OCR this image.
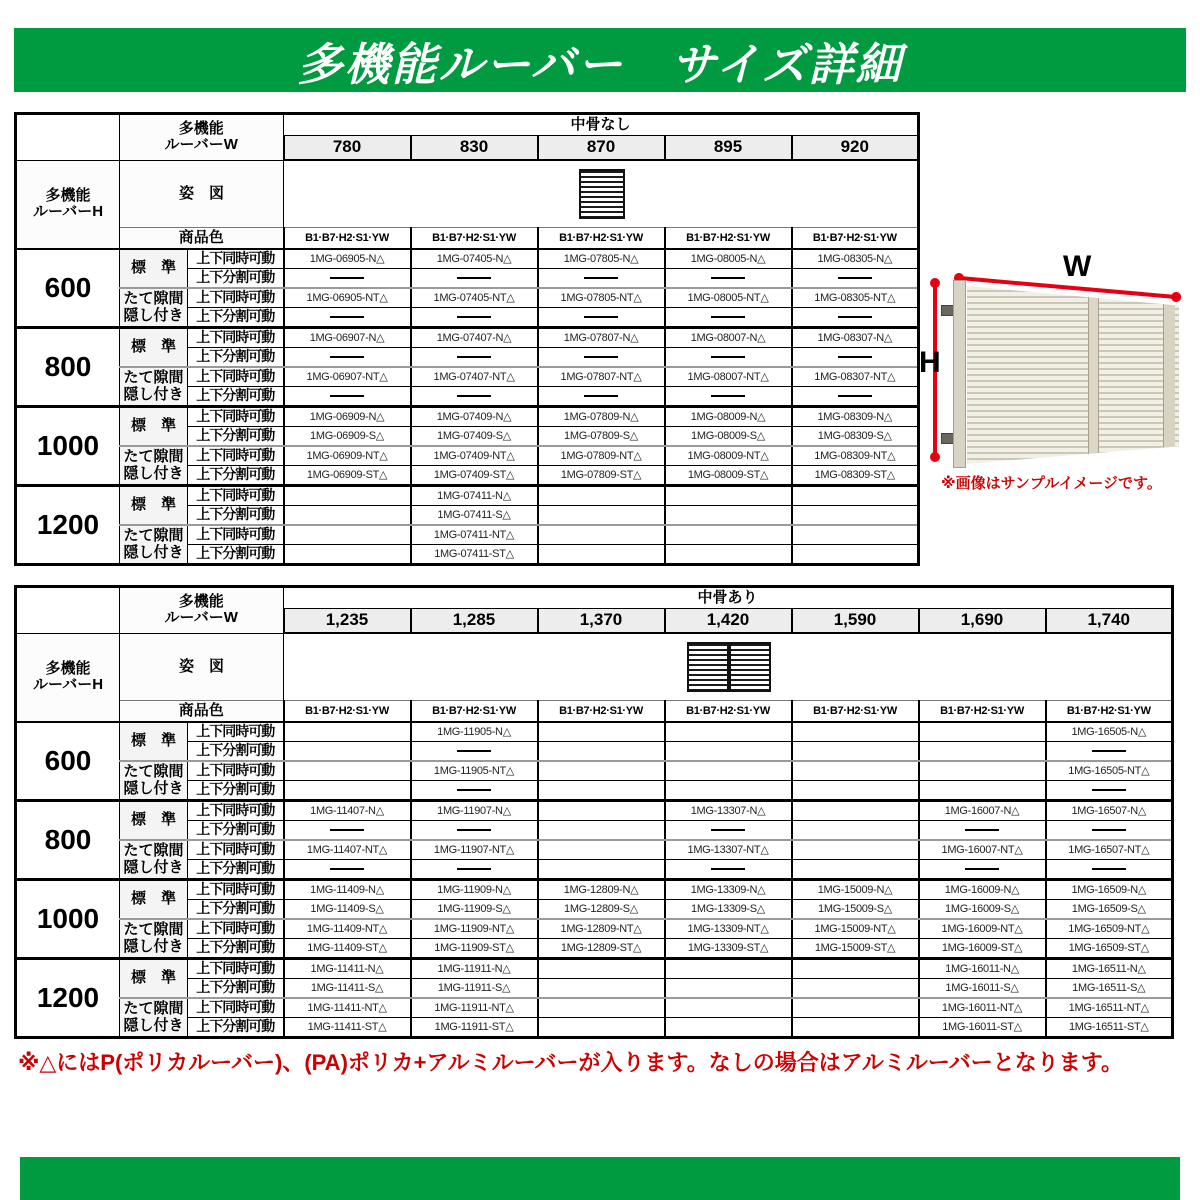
多機能ルーバー　サイズ詳細
	多機能
ルーバーW		中骨なし				
			780	830	870	895	920
多機能
ルーバーH	姿　図						

	商品色		B1·B7·H2·S1·YW	B1·B7·H2·S1·YW	B1·B7·H2·S1·YW	B1·B7·H2·S1·YW	B1·B7·H2·S1·YW
600	標　準	上下同時可動	1MG-06905-N△	1MG-07405-N△	1MG-07805-N△	1MG-08005-N△	1MG-08305-N△
		上下分割可動					
	たて隙間
隠し付き	上下同時可動	1MG-06905-NT△	1MG-07405-NT△	1MG-07805-NT△	1MG-08005-NT△	1MG-08305-NT△
		上下分割可動					
800	標　準	上下同時可動	1MG-06907-N△	1MG-07407-N△	1MG-07807-N△	1MG-08007-N△	1MG-08307-N△
		上下分割可動					
	たて隙間
隠し付き	上下同時可動	1MG-06907-NT△	1MG-07407-NT△	1MG-07807-NT△	1MG-08007-NT△	1MG-08307-NT△
		上下分割可動					
1000	標　準	上下同時可動	1MG-06909-N△	1MG-07409-N△	1MG-07809-N△	1MG-08009-N△	1MG-08309-N△
		上下分割可動	1MG-06909-S△	1MG-07409-S△	1MG-07809-S△	1MG-08009-S△	1MG-08309-S△
	たて隙間
隠し付き	上下同時可動	1MG-06909-NT△	1MG-07409-NT△	1MG-07809-NT△	1MG-08009-NT△	1MG-08309-NT△
		上下分割可動	1MG-06909-ST△	1MG-07409-ST△	1MG-07809-ST△	1MG-08009-ST△	1MG-08309-ST△
1200	標　準	上下同時可動		1MG-07411-N△			
		上下分割可動		1MG-07411-S△			
	たて隙間
隠し付き	上下同時可動		1MG-07411-NT△			
		上下分割可動		1MG-07411-ST△			
H
W
※画像はサンプルイメージです。
	多機能
ルーバーW		中骨あり						
			1,235	1,285	1,370	1,420	1,590	1,690	1,740
多機能
ルーバーH	姿　図								

	商品色		B1·B7·H2·S1·YW	B1·B7·H2·S1·YW	B1·B7·H2·S1·YW	B1·B7·H2·S1·YW	B1·B7·H2·S1·YW	B1·B7·H2·S1·YW	B1·B7·H2·S1·YW
600	標　準	上下同時可動		1MG-11905-N△					1MG-16505-N△
		上下分割可動							
	たて隙間
隠し付き	上下同時可動		1MG-11905-NT△					1MG-16505-NT△
		上下分割可動							
800	標　準	上下同時可動	1MG-11407-N△	1MG-11907-N△		1MG-13307-N△		1MG-16007-N△	1MG-16507-N△
		上下分割可動							
	たて隙間
隠し付き	上下同時可動	1MG-11407-NT△	1MG-11907-NT△		1MG-13307-NT△		1MG-16007-NT△	1MG-16507-NT△
		上下分割可動							
1000	標　準	上下同時可動	1MG-11409-N△	1MG-11909-N△	1MG-12809-N△	1MG-13309-N△	1MG-15009-N△	1MG-16009-N△	1MG-16509-N△
		上下分割可動	1MG-11409-S△	1MG-11909-S△	1MG-12809-S△	1MG-13309-S△	1MG-15009-S△	1MG-16009-S△	1MG-16509-S△
	たて隙間
隠し付き	上下同時可動	1MG-11409-NT△	1MG-11909-NT△	1MG-12809-NT△	1MG-13309-NT△	1MG-15009-NT△	1MG-16009-NT△	1MG-16509-NT△
		上下分割可動	1MG-11409-ST△	1MG-11909-ST△	1MG-12809-ST△	1MG-13309-ST△	1MG-15009-ST△	1MG-16009-ST△	1MG-16509-ST△
1200	標　準	上下同時可動	1MG-11411-N△	1MG-11911-N△				1MG-16011-N△	1MG-16511-N△
		上下分割可動	1MG-11411-S△	1MG-11911-S△				1MG-16011-S△	1MG-16511-S△
	たて隙間
隠し付き	上下同時可動	1MG-11411-NT△	1MG-11911-NT△				1MG-16011-NT△	1MG-16511-NT△
		上下分割可動	1MG-11411-ST△	1MG-11911-ST△				1MG-16011-ST△	1MG-16511-ST△
※△にはP(ポリカルーバー)、(PA)ポリカ+アルミルーバーが入ります。なしの場合はアルミルーバーとなります。
